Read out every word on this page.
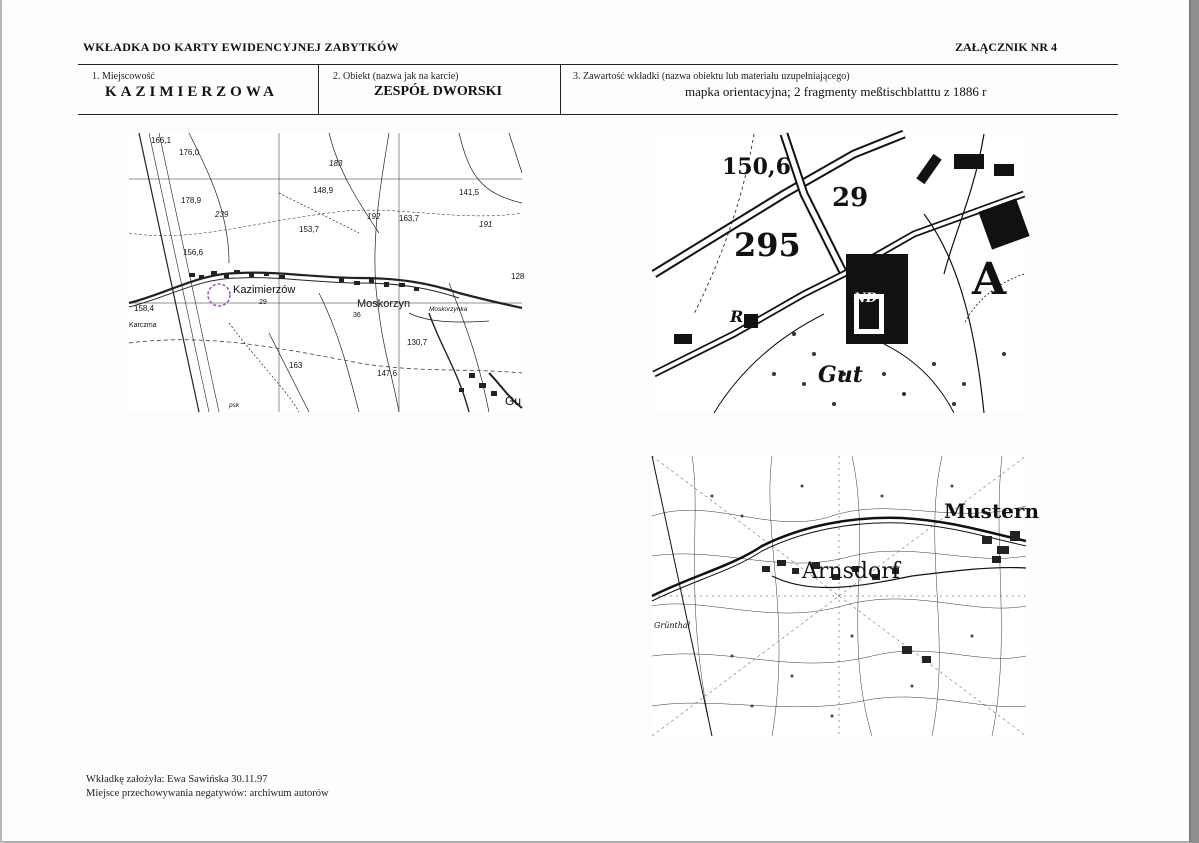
WKŁADKA DO KARTY EWIDENCYJNEJ ZABYTKÓW	ZAŁĄCZNIK NR 4
1. Miejscowość
KAZIMIERZOWA
2. Obiekt (nazwa jak na karcie)
ZESPÓŁ DWORSKI
3. Zawartość wkładki (nazwa obiektu lub materiału uzupełniającego)
mapka orientacyjna; 2 fragmenty meßtischblatttu z 1886 r
166,1
176,0
178,9
239
156,6
153,7
148,9
183
192 163,7
141,5
191
128
158,4
Karczma
29
36
130,7
163
147,6
Moskorzynka
psk
Kazimierzów
Moskorzyn
Gu
150,6
295
29
ND
Gut
R
A
Arnsdorf
Mustern
Grünthal
Wkładkę założyła: Ewa Sawińska 30.11.97
Miejsce przechowywania negatywów: archiwum autorów
